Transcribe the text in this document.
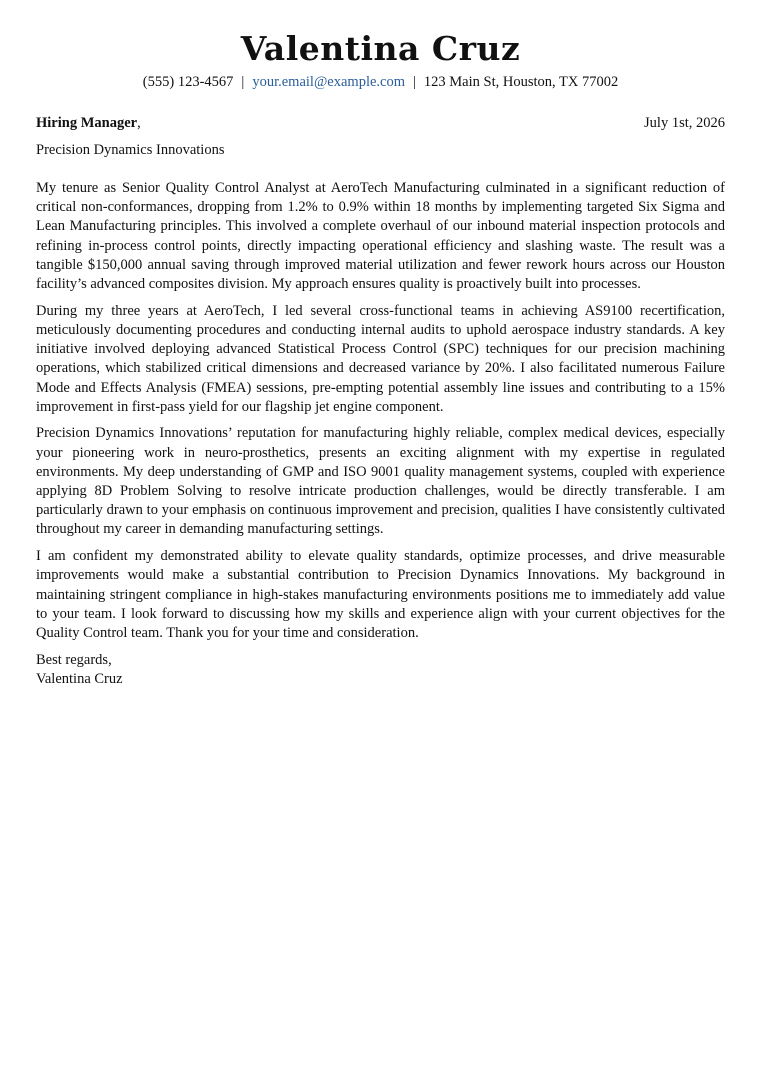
Valentina Cruz
(555) 123-4567 | your.email@example.com | 123 Main St, Houston, TX 77002
Hiring Manager,	July 1st, 2026
Precision Dynamics Innovations

My tenure as Senior Quality Control Analyst at AeroTech Manufacturing culminated in a significant reduction of critical non-conformances, dropping from 1.2% to 0.9% within 18 months by implementing targeted Six Sigma and Lean Manufacturing principles. This involved a complete overhaul of our inbound material inspection protocols and refining in-process control points, directly impacting operational efficiency and slashing waste. The result was a tangible $150,000 annual saving through improved material utilization and fewer rework hours across our Houston facility’s advanced composites division. My approach ensures quality is proactively built into processes.

During my three years at AeroTech, I led several cross-functional teams in achieving AS9100 recertification, meticulously documenting procedures and conducting internal audits to uphold aerospace industry standards. A key initiative involved deploying advanced Statistical Process Control (SPC) techniques for our precision machining operations, which stabilized critical dimensions and decreased variance by 20%. I also facilitated numerous Failure Mode and Effects Analysis (FMEA) sessions, pre-empting potential assembly line issues and contributing to a 15% improvement in first-pass yield for our flagship jet engine component.

Precision Dynamics Innovations’ reputation for manufacturing highly reliable, complex medical devices, especially your pioneering work in neuro-prosthetics, presents an exciting alignment with my expertise in regulated environments. My deep understanding of GMP and ISO 9001 quality management systems, coupled with experience applying 8D Problem Solving to resolve intricate production challenges, would be directly transferable. I am particularly drawn to your emphasis on continuous improvement and precision, qualities I have consistently cultivated throughout my career in demanding manufacturing settings.

I am confident my demonstrated ability to elevate quality standards, optimize processes, and drive measurable improvements would make a substantial contribution to Precision Dynamics Innovations. My background in maintaining stringent compliance in high-stakes manufacturing environments positions me to immediately add value to your team. I look forward to discussing how my skills and experience align with your current objectives for the Quality Control team. Thank you for your time and consideration.

Best regards,
Valentina Cruz
